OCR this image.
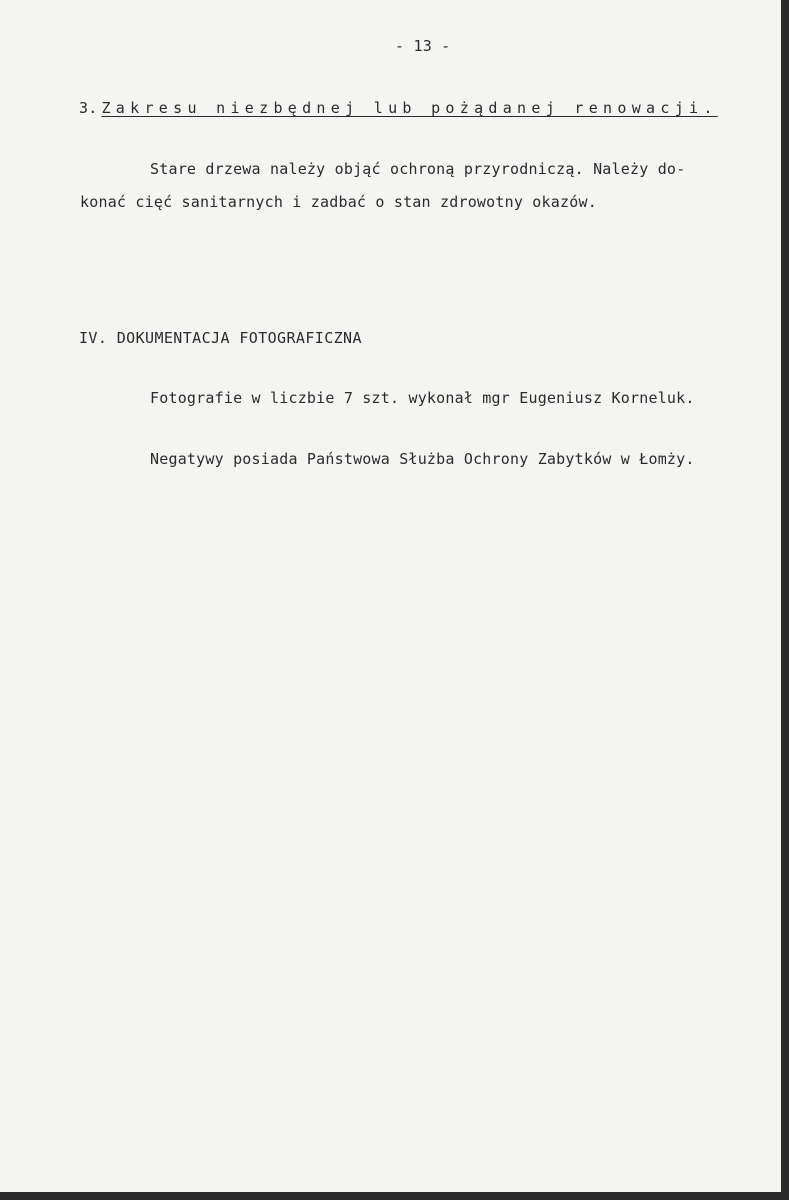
- 13 -
3. Zakresu niezbędnej lub pożądanej renowacji.
Stare drzewa należy objąć ochroną przyrodniczą. Należy do-
konać cięć sanitarnych i zadbać o stan zdrowotny okazów.
IV. DOKUMENTACJA FOTOGRAFICZNA
Fotografie w liczbie 7 szt. wykonał mgr Eugeniusz Korneluk.
Negatywy posiada Państwowa Służba Ochrony Zabytków w Łomży.
